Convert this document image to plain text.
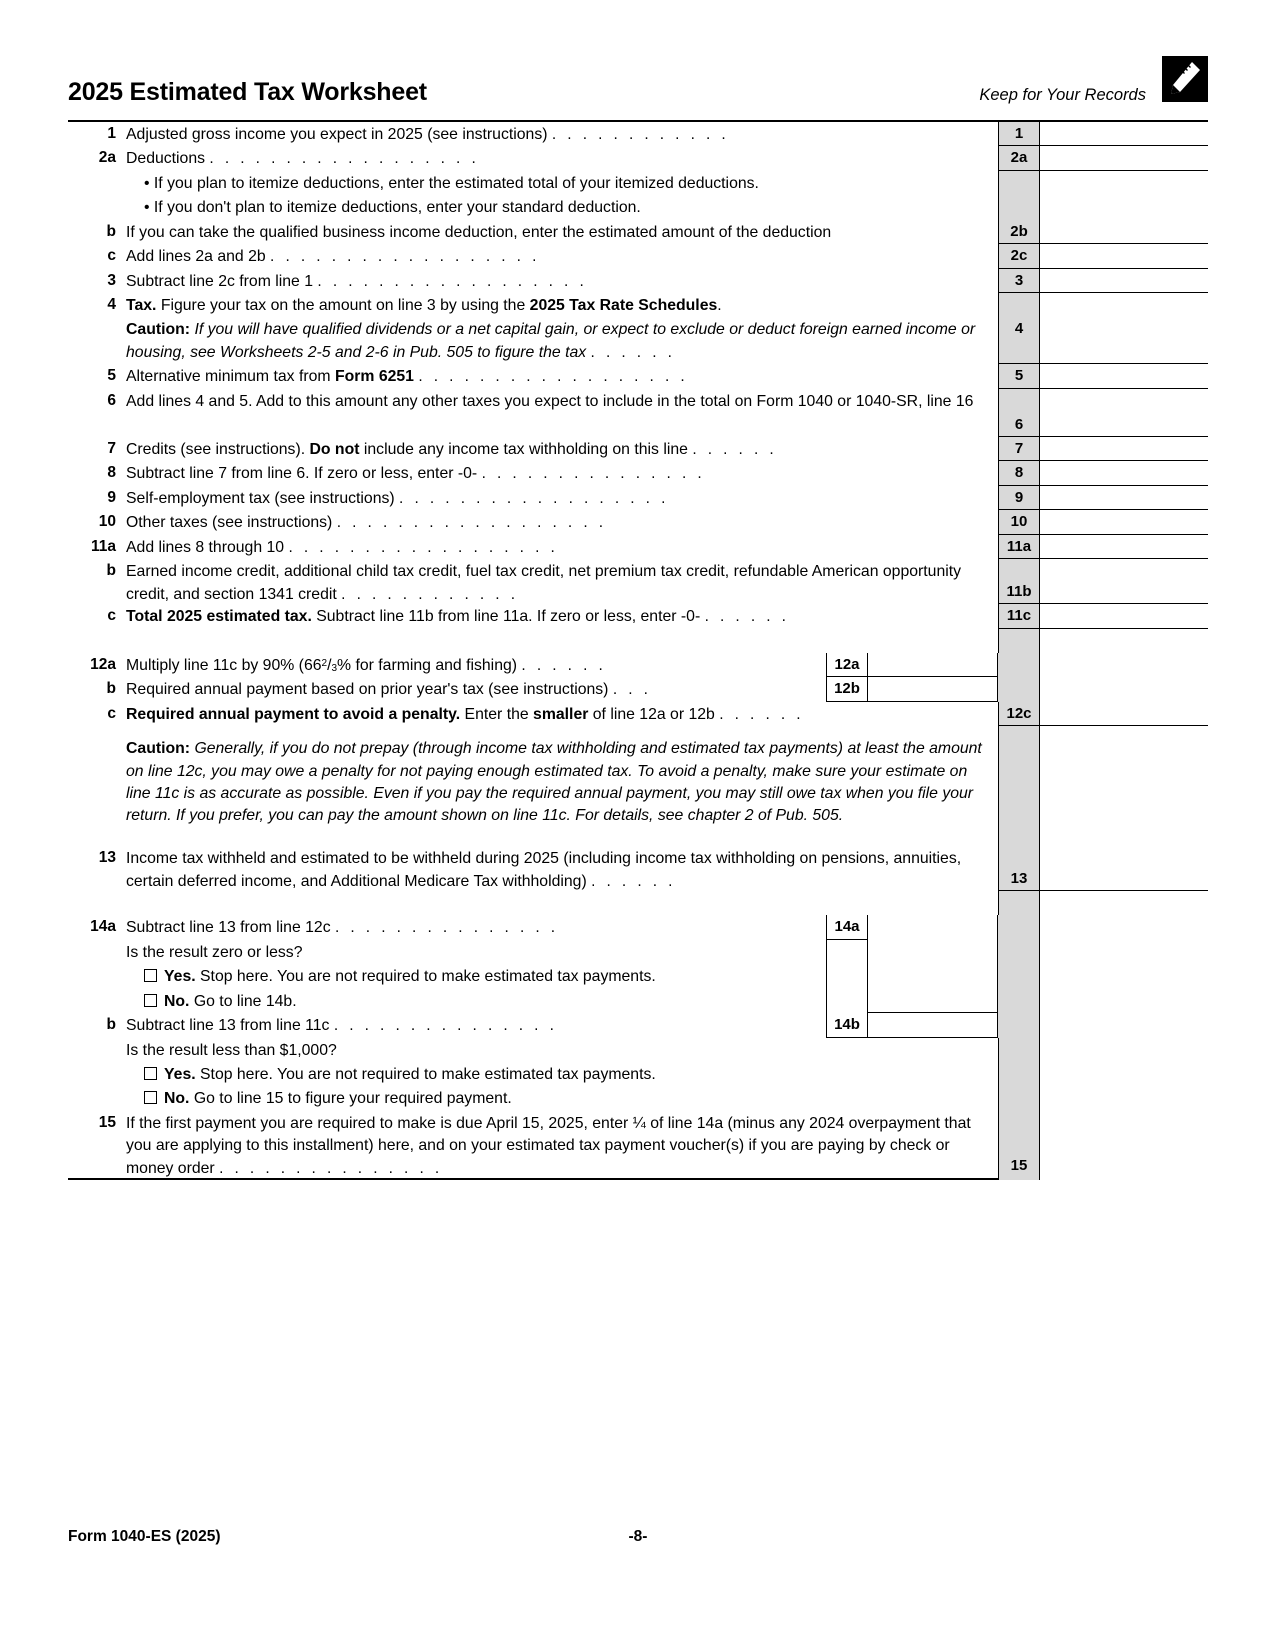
2025 Estimated Tax Worksheet	Keep for Your Records
1 Adjusted gross income you expect in 2025 (see instructions) . . . . . . . . . . . .	1
2a Deductions . . . . . . . . . . . . . . . . . .	2a
• If you plan to itemize deductions, enter the estimated total of your itemized deductions.
• If you don't plan to itemize deductions, enter your standard deduction.
b If you can take the qualified business income deduction, enter the estimated amount of the deduction	2b
c Add lines 2a and 2b . . . . . . . . . . . . . . . . . .	2c
3 Subtract line 2c from line 1 . . . . . . . . . . . . . . . . . .	3
4 Tax. Figure your tax on the amount on line 3 by using the 2025 Tax Rate Schedules.
Caution: If you will have qualified dividends or a net capital gain, or expect to exclude or deduct foreign earned income or housing, see Worksheets 2-5 and 2-6 in Pub. 505 to figure the tax . . . . . .
4
5 Alternative minimum tax from Form 6251 . . . . . . . . . . . . . . . . . .	5
6 Add lines 4 and 5. Add to this amount any other taxes you expect to include in the total on Form 1040 or 1040-SR, line 16
6
7 Credits (see instructions). Do not include any income tax withholding on this line . . . . . .	7
8 Subtract line 7 from line 6. If zero or less, enter -0- . . . . . . . . . . . . . . .	8
9 Self-employment tax (see instructions) . . . . . . . . . . . . . . . . . .	9
10 Other taxes (see instructions) . . . . . . . . . . . . . . . . . .	10
11a Add lines 8 through 10 . . . . . . . . . . . . . . . . . .	11a
b Earned income credit, additional child tax credit, fuel tax credit, net premium tax credit, refundable American opportunity credit, and section 1341 credit . . . . . . . . . . . .
	11b
c Total 2025 estimated tax. Subtract line 11b from line 11a. If zero or less, enter -0- . . . . . .	11c
12a Multiply line 11c by 90% ($66^2/_3\%$ for farming and fishing) . . . . . .	12a
b Required annual payment based on prior year's tax (see instructions) . . .	12b
c Required annual payment to avoid a penalty. Enter the smaller of line 12a or 12b . . . . . .	12c
Caution: Generally, if you do not prepay (through income tax withholding and estimated tax payments) at least the amount on line 12c, you may owe a penalty for not paying enough estimated tax. To avoid a penalty, make sure your estimate on line 11c is as accurate as possible. Even if you pay the required annual payment, you may still owe tax when you file your return. If you prefer, you can pay the amount shown on line 11c. For details, see chapter 2 of Pub. 505.
13 Income tax withheld and estimated to be withheld during 2025 (including income tax withholding on pensions, annuities, certain deferred income, and Additional Medicare Tax withholding) . . . . . .
	13
14a Subtract line 13 from line 12c . . . . . . . . . . . . . . .	14a
Is the result zero or less?
Yes. Stop here. You are not required to make estimated tax payments.
No. Go to line 14b.
b Subtract line 13 from line 11c . . . . . . . . . . . . . . .	14b
Is the result less than $1,000?
Yes. Stop here. You are not required to make estimated tax payments.
No. Go to line 15 to figure your required payment.
15 If the first payment you are required to make is due April 15, 2025, enter ¼ of line 14a (minus any 2024 overpayment that you are applying to this installment) here, and on your estimated tax payment voucher(s) if you are paying by check or money order . . . . . . . . . . . . . . .
	15
Form 1040-ES (2025)	-8-
